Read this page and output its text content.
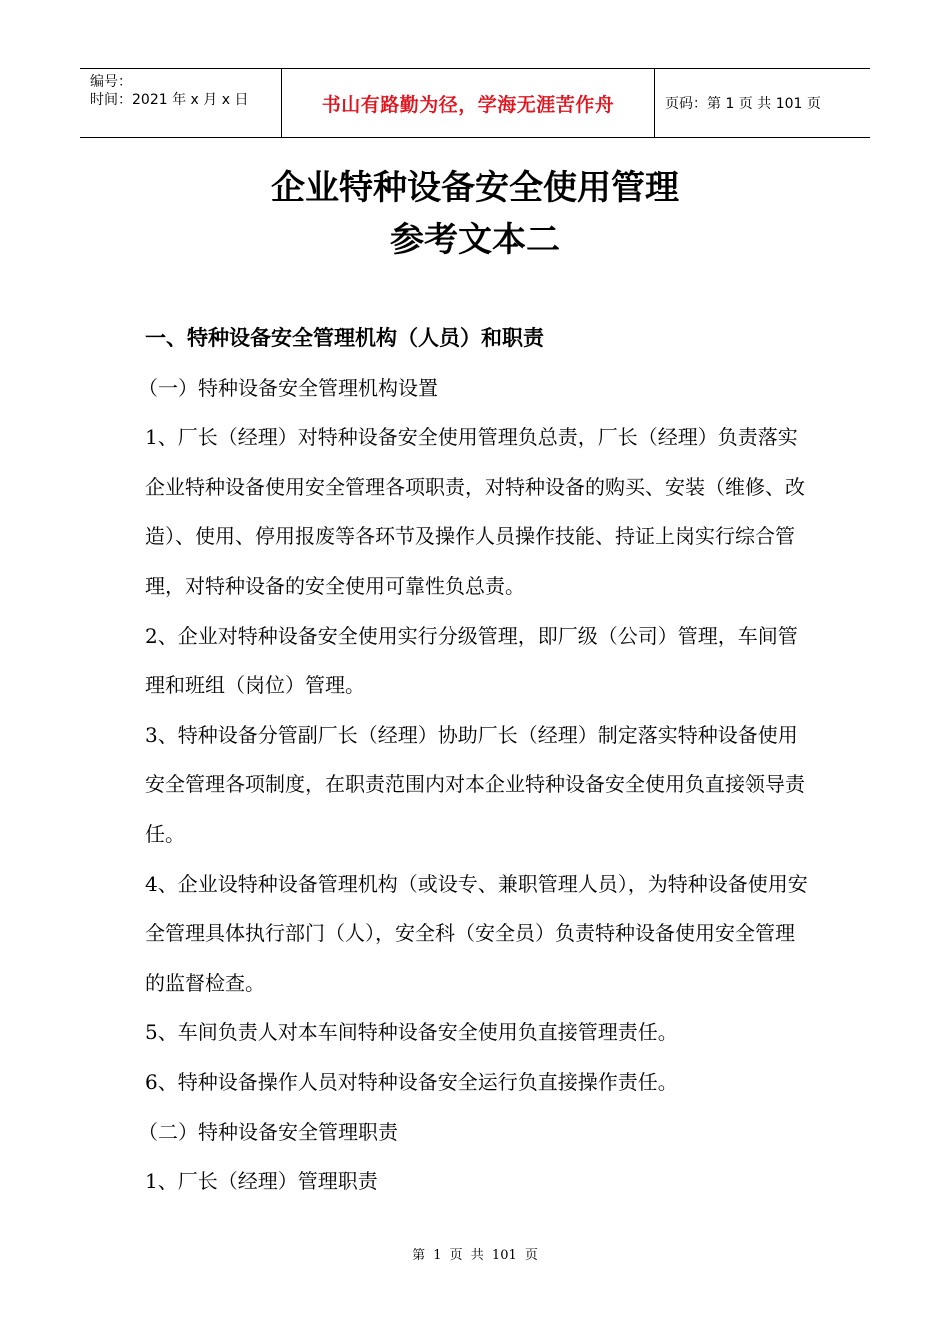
编号：
时间：2021 年 x 月 x 日	书山有路勤为径，学海无涯苦作舟	页码：第 1 页 共 101 页
企业特种设备安全使用管理
参考文本二

一、特种设备安全管理机构（人员）和职责

（一）特种设备安全管理机构设置

1、厂长（经理）对特种设备安全使用管理负总责，厂长（经理）负责落实企业特种设备使用安全管理各项职责，对特种设备的购买、安装（维修、改造）、使用、停用报废等各环节及操作人员操作技能、持证上岗实行综合管理，对特种设备的安全使用可靠性负总责。

2、企业对特种设备安全使用实行分级管理，即厂级（公司）管理，车间管理和班组（岗位）管理。

3、特种设备分管副厂长（经理）协助厂长（经理）制定落实特种设备使用安全管理各项制度，在职责范围内对本企业特种设备安全使用负直接领导责任。

4、企业设特种设备管理机构（或设专、兼职管理人员），为特种设备使用安全管理具体执行部门（人），安全科（安全员）负责特种设备使用安全管理的监督检查。

5、车间负责人对本车间特种设备安全使用负直接管理责任。

6、特种设备操作人员对特种设备安全运行负直接操作责任。

（二）特种设备安全管理职责

1、厂长（经理）管理职责

第 1 页 共 101 页
